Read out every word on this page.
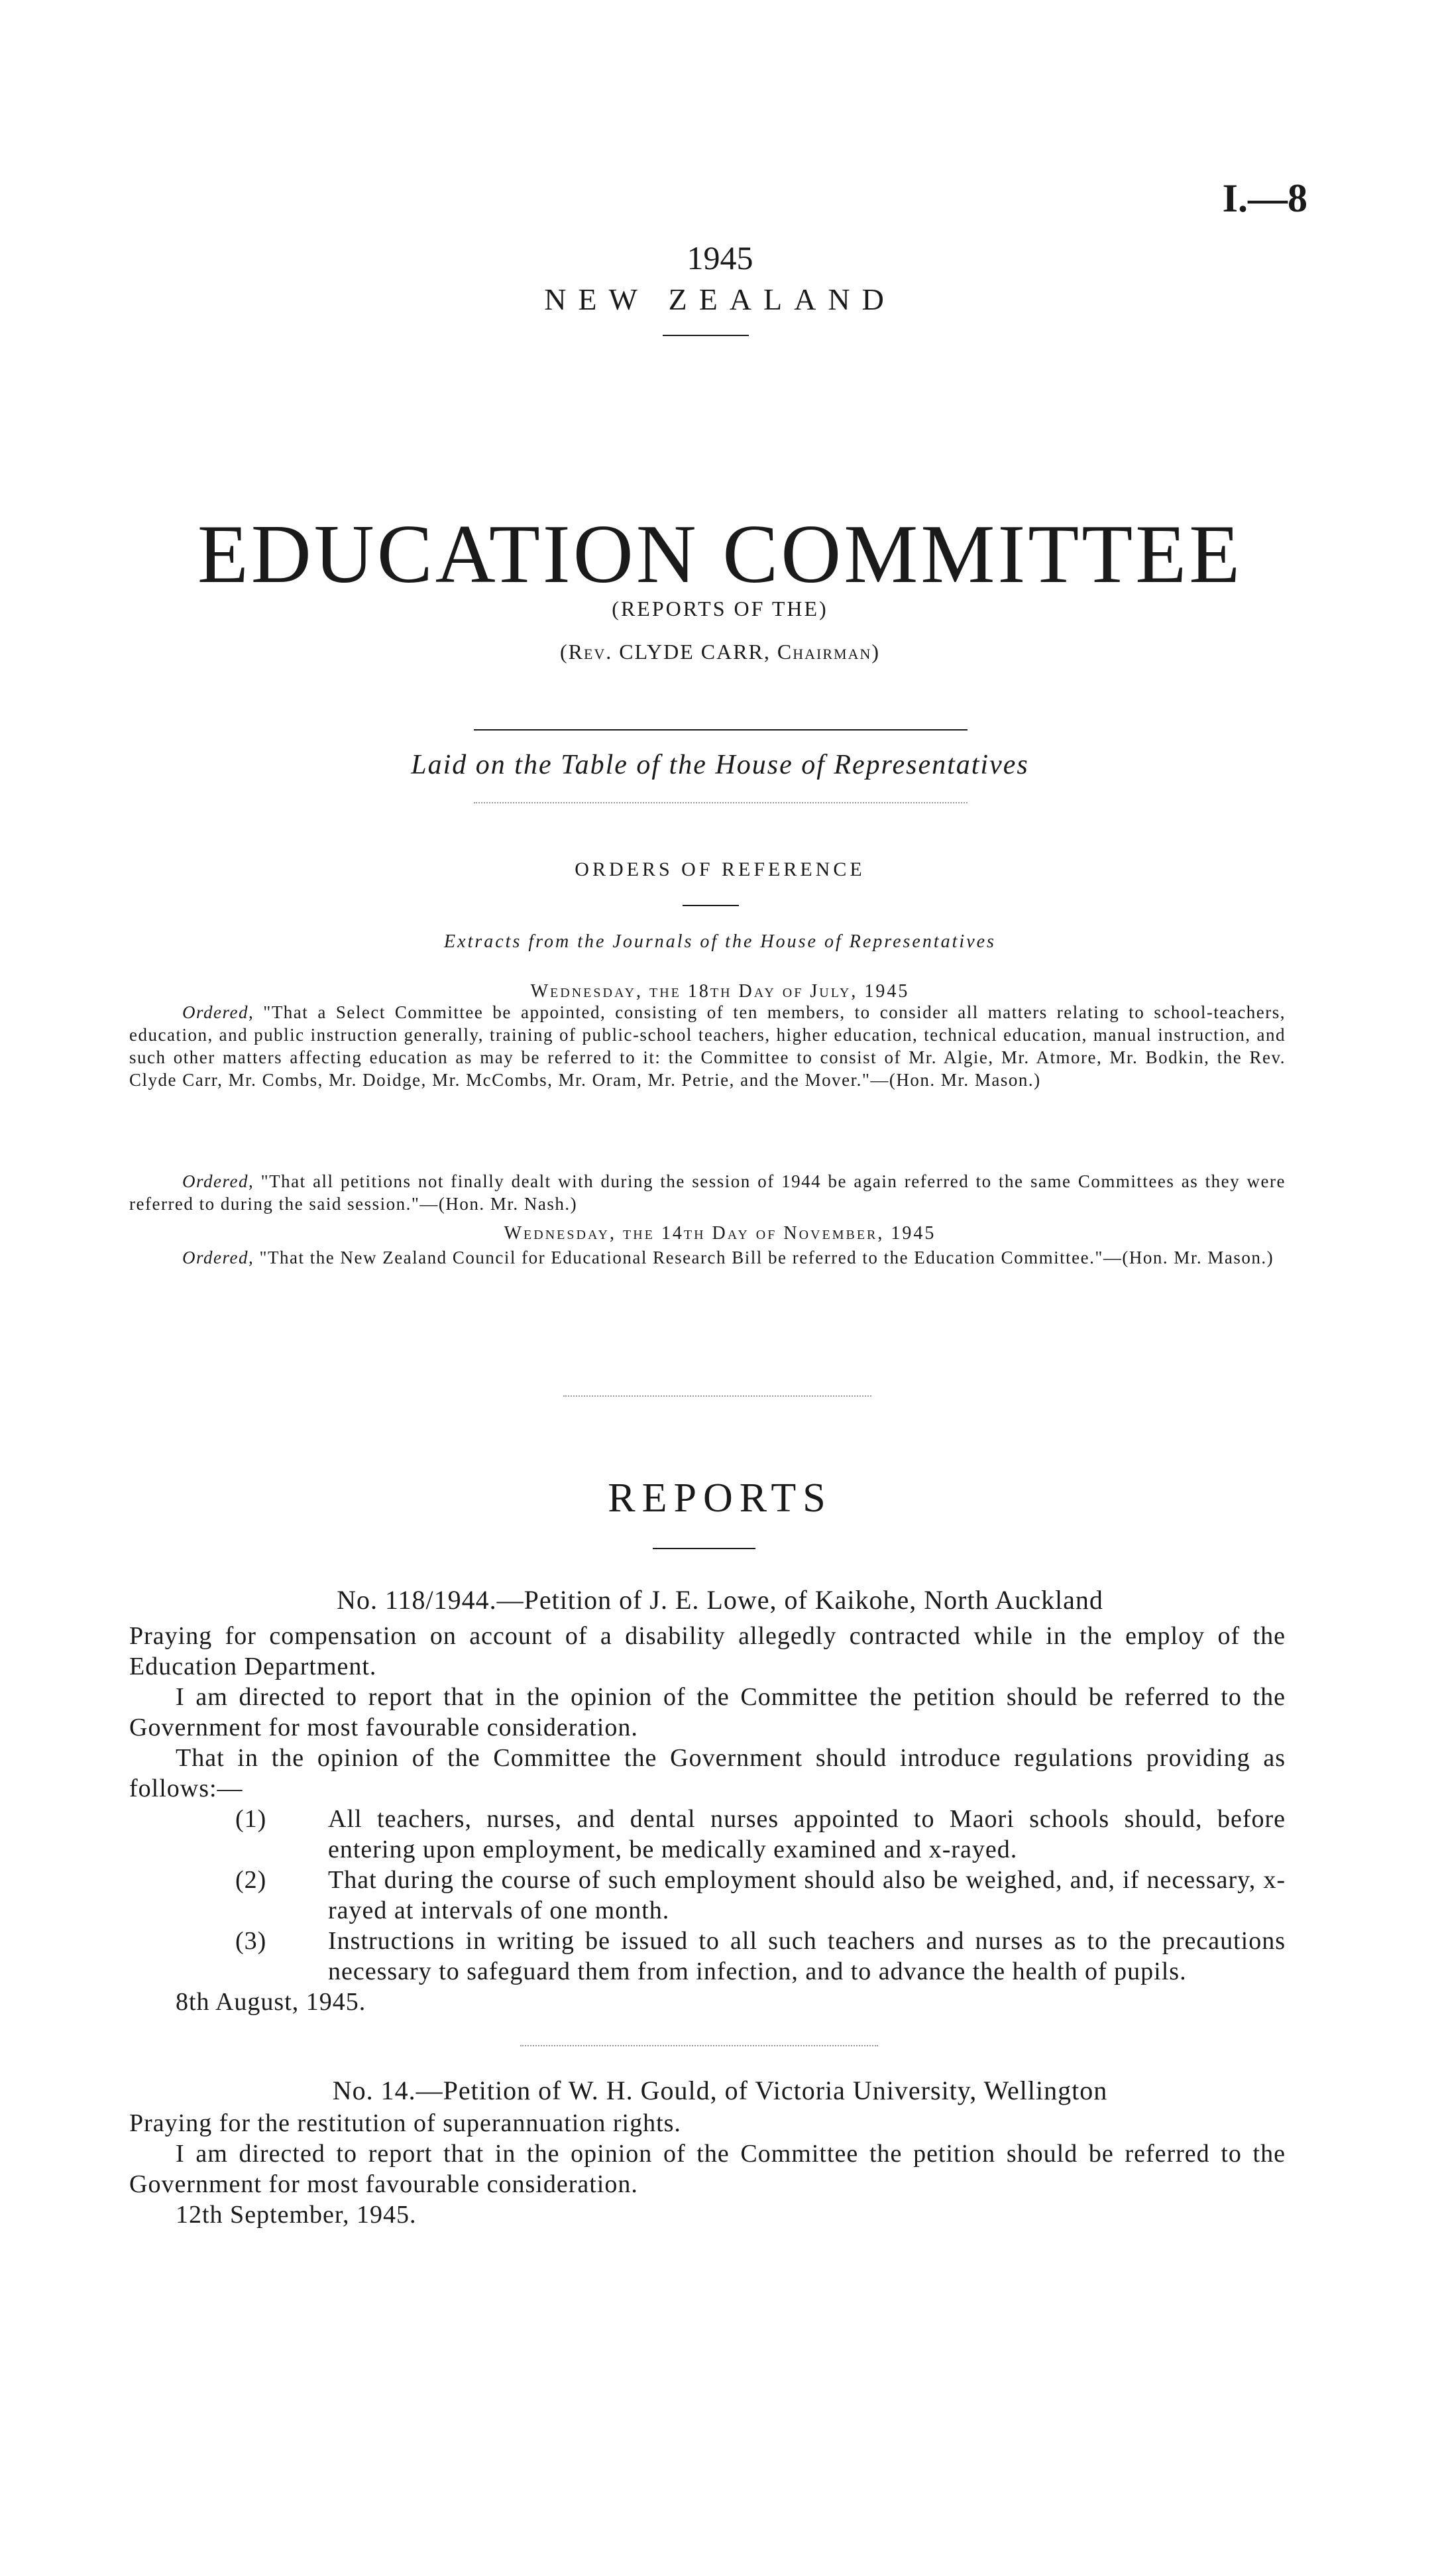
I.—8
1945
NEW ZEALAND
EDUCATION COMMITTEE
(REPORTS OF THE)
(Rev. CLYDE CARR, Chairman)
Laid on the Table of the House of Representatives
ORDERS OF REFERENCE
Extracts from the Journals of the House of Representatives
Wednesday, the 18th Day of July, 1945
Ordered, "That a Select Committee be appointed, consisting of ten members, to consider all matters relating to school-teachers, education, and public instruction generally, training of public-school teachers, higher education, technical education, manual instruction, and such other matters affecting education as may be referred to it: the Committee to consist of Mr. Algie, Mr. Atmore, Mr. Bodkin, the Rev. Clyde Carr, Mr. Combs, Mr. Doidge, Mr. McCombs, Mr. Oram, Mr. Petrie, and the Mover."—(Hon. Mr. Mason.)
Ordered, "That all petitions not finally dealt with during the session of 1944 be again referred to the same Committees as they were referred to during the said session."—(Hon. Mr. Nash.)
Wednesday, the 14th Day of November, 1945
Ordered, "That the New Zealand Council for Educational Research Bill be referred to the Education Committee."—(Hon. Mr. Mason.)
REPORTS
No. 118/1944.—Petition of J. E. Lowe, of Kaikohe, North Auckland

Praying for compensation on account of a disability allegedly contracted while in the employ of the Education Department.

I am directed to report that in the opinion of the Committee the petition should be referred to the Government for most favourable consideration.

That in the opinion of the Committee the Government should introduce regulations providing as follows:—

(1) All teachers, nurses, and dental nurses appointed to Maori schools should, before entering upon employment, be medically examined and x-rayed.
(2) That during the course of such employment should also be weighed, and, if necessary, x-rayed at intervals of one month.
(3) Instructions in writing be issued to all such teachers and nurses as to the precautions necessary to safeguard them from infection, and to advance the health of pupils.

8th August, 1945.

No. 14.—Petition of W. H. Gould, of Victoria University, Wellington

Praying for the restitution of superannuation rights.

I am directed to report that in the opinion of the Committee the petition should be referred to the Government for most favourable consideration.

12th September, 1945.
